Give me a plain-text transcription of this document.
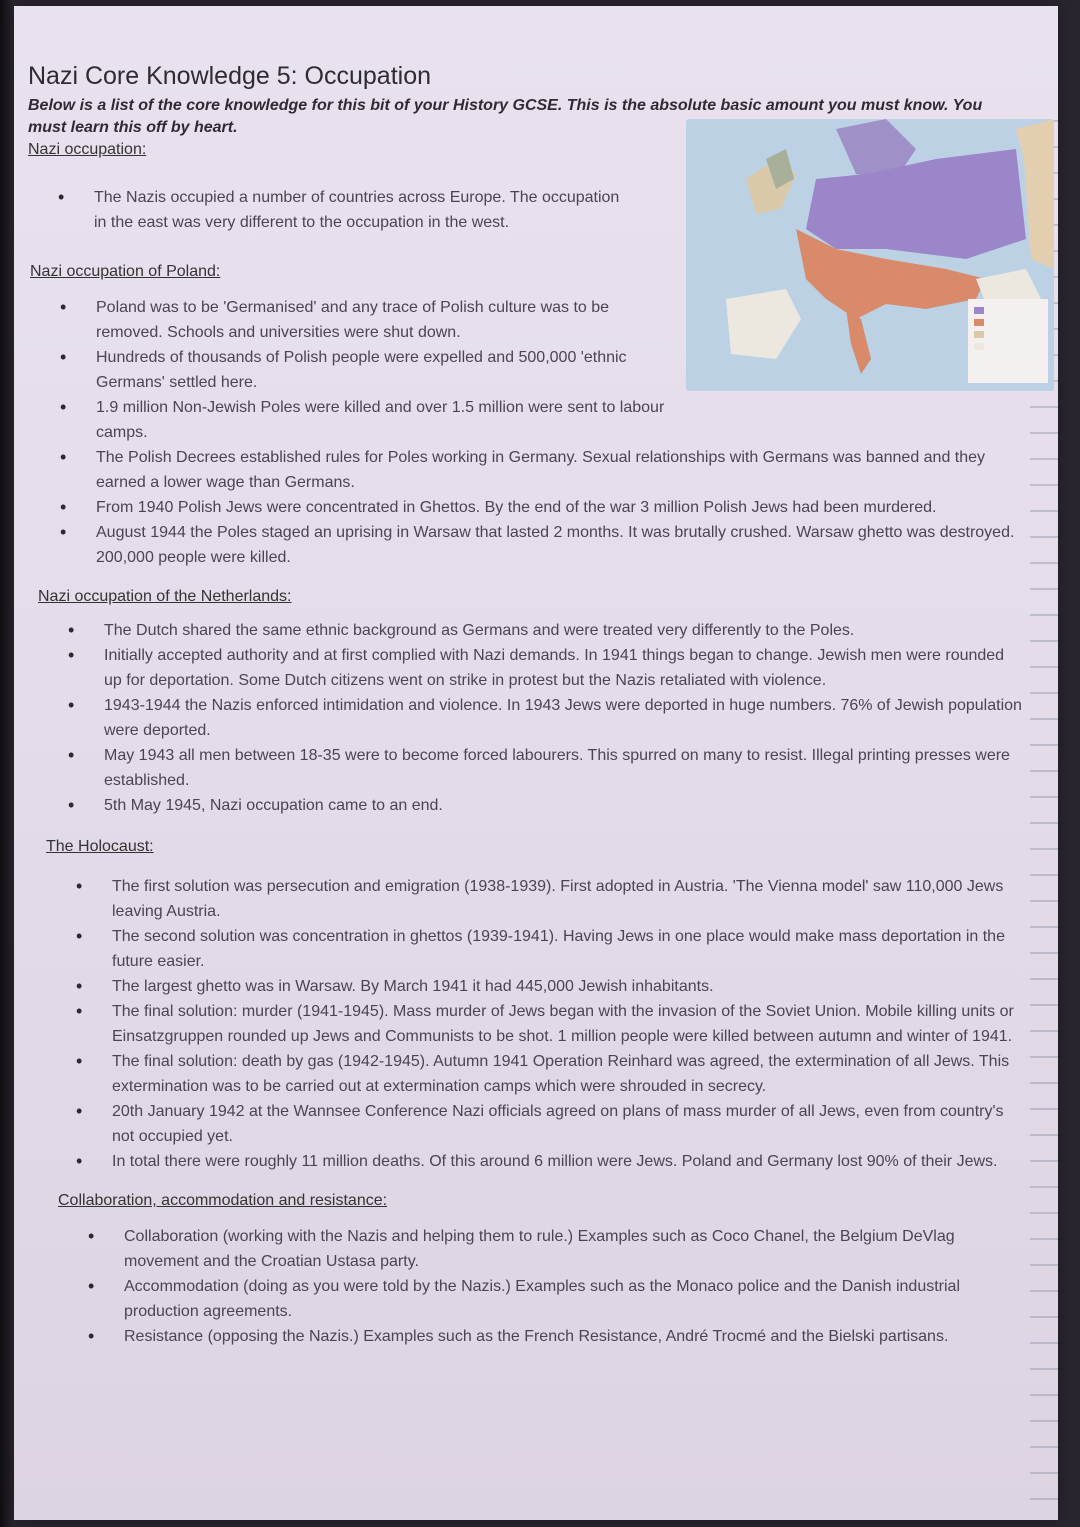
Nazi Core Knowledge 5: Occupation

Below is a list of the core knowledge for this bit of your History GCSE. This is the absolute basic amount you must know. You must learn this off by heart.

Nazi occupation:
• The Nazis occupied a number of countries across Europe. The occupation in the east was very different to the occupation in the west.
Nazi occupation of Poland:
• Poland was to be 'Germanised' and any trace of Polish culture was to be removed. Schools and universities were shut down.
• Hundreds of thousands of Polish people were expelled and 500,000 'ethnic Germans' settled here.
• 1.9 million Non-Jewish Poles were killed and over 1.5 million were sent to labour camps.
• The Polish Decrees established rules for Poles working in Germany. Sexual relationships with Germans was banned and they earned a lower wage than Germans.
• From 1940 Polish Jews were concentrated in Ghettos. By the end of the war 3 million Polish Jews had been murdered.
• August 1944 the Poles staged an uprising in Warsaw that lasted 2 months. It was brutally crushed. Warsaw ghetto was destroyed. 200,000 people were killed.
Nazi occupation of the Netherlands:
• The Dutch shared the same ethnic background as Germans and were treated very differently to the Poles.
• Initially accepted authority and at first complied with Nazi demands. In 1941 things began to change. Jewish men were rounded up for deportation. Some Dutch citizens went on strike in protest but the Nazis retaliated with violence.
• 1943-1944 the Nazis enforced intimidation and violence. In 1943 Jews were deported in huge numbers. 76% of Jewish population were deported.
• May 1943 all men between 18-35 were to become forced labourers. This spurred on many to resist. Illegal printing presses were established.
• 5th May 1945, Nazi occupation came to an end.
The Holocaust:
• The first solution was persecution and emigration (1938-1939). First adopted in Austria. 'The Vienna model' saw 110,000 Jews leaving Austria.
• The second solution was concentration in ghettos (1939-1941). Having Jews in one place would make mass deportation in the future easier.
• The largest ghetto was in Warsaw. By March 1941 it had 445,000 Jewish inhabitants.
• The final solution: murder (1941-1945). Mass murder of Jews began with the invasion of the Soviet Union. Mobile killing units or Einsatzgruppen rounded up Jews and Communists to be shot. 1 million people were killed between autumn and winter of 1941.
• The final solution: death by gas (1942-1945). Autumn 1941 Operation Reinhard was agreed, the extermination of all Jews. This extermination was to be carried out at extermination camps which were shrouded in secrecy.
• 20th January 1942 at the Wannsee Conference Nazi officials agreed on plans of mass murder of all Jews, even from country's not occupied yet.
• In total there were roughly 11 million deaths. Of this around 6 million were Jews. Poland and Germany lost 90% of their Jews.
Collaboration, accommodation and resistance:
• Collaboration (working with the Nazis and helping them to rule.) Examples such as Coco Chanel, the Belgium DeVlag movement and the Croatian Ustasa party.
• Accommodation (doing as you were told by the Nazis.) Examples such as the Monaco police and the Danish industrial production agreements.
• Resistance (opposing the Nazis.) Examples such as the French Resistance, André Trocmé and the Bielski partisans.
